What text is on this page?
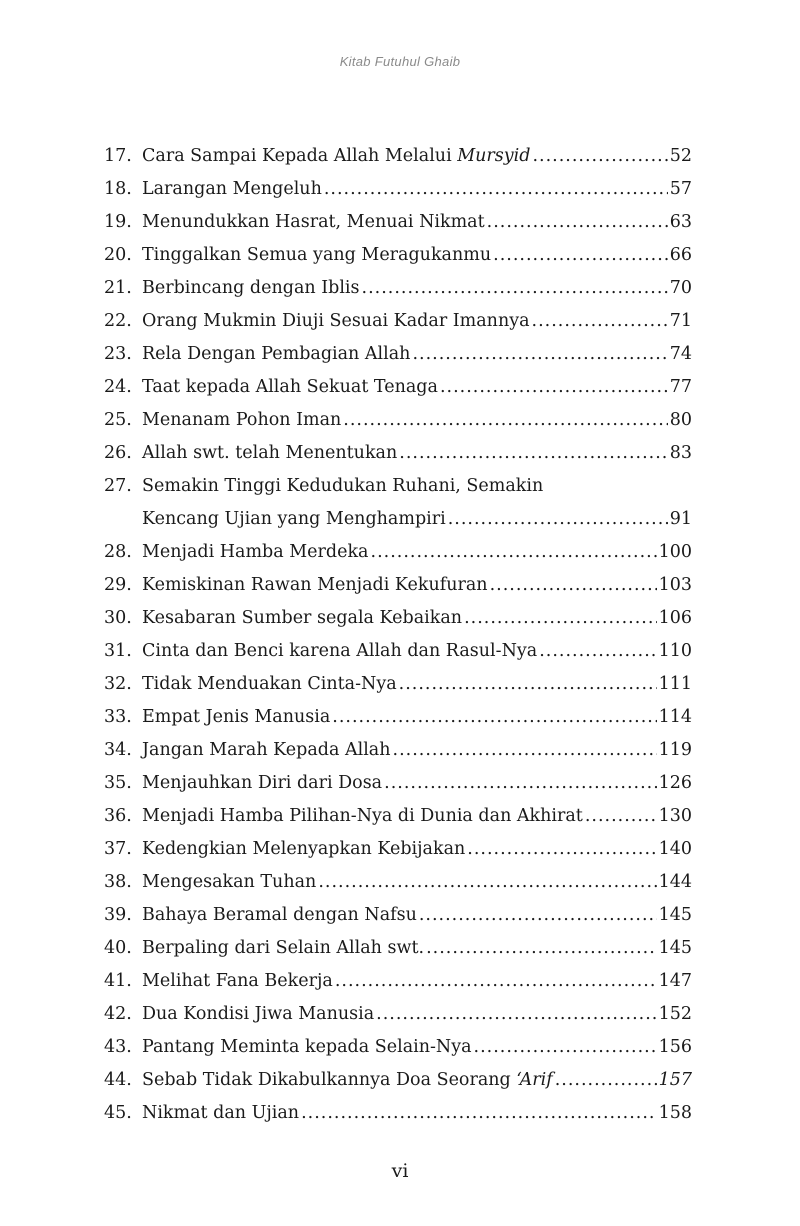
Kitab Futuhul Ghaib
17. Cara Sampai Kepada Allah Melalui Mursyid .....	52
18. Larangan Mengeluh .....	57
19. Menundukkan Hasrat, Menuai Nikmat .....	63
20. Tinggalkan Semua yang Meragukanmu .....	66
21. Berbincang dengan Iblis .....	70
22. Orang Mukmin Diuji Sesuai Kadar Imannya .....	71
23. Rela Dengan Pembagian Allah .....	74
24. Taat kepada Allah Sekuat Tenaga .....	77
25. Menanam Pohon Iman .....	80
26. Allah swt. telah Menentukan .....	83
27. Semakin Tinggi Kedudukan Ruhani, Semakin
Kencang Ujian yang Menghampiri .....	91
28. Menjadi Hamba Merdeka .....	100
29. Kemiskinan Rawan Menjadi Kekufuran .....	103
30. Kesabaran Sumber segala Kebaikan .....	106
31. Cinta dan Benci karena Allah dan Rasul-Nya .....	110
32. Tidak Menduakan Cinta-Nya .....	111
33. Empat Jenis Manusia .....	114
34. Jangan Marah Kepada Allah .....	119
35. Menjauhkan Diri dari Dosa .....	126
36. Menjadi Hamba Pilihan-Nya di Dunia dan Akhirat .....	130
37. Kedengkian Melenyapkan Kebijakan .....	140
38. Mengesakan Tuhan .....	144
39. Bahaya Beramal dengan Nafsu .....	145
40. Berpaling dari Selain Allah swt. .....	145
41. Melihat Fana Bekerja .....	147
42. Dua Kondisi Jiwa Manusia .....	152
43. Pantang Meminta kepada Selain-Nya .....	156
44. Sebab Tidak Dikabulkannya Doa Seorang ‘Arif .....	157
45. Nikmat dan Ujian .....	158
vi
